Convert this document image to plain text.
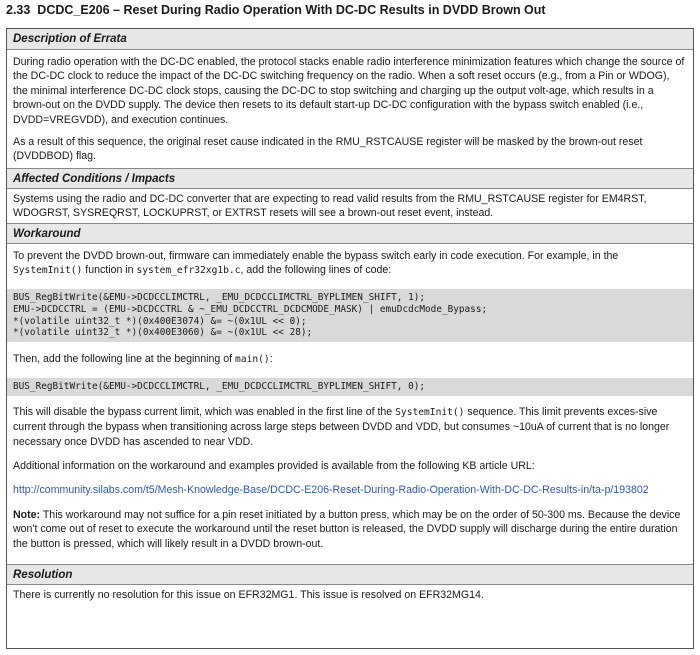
2.33 DCDC_E206 – Reset During Radio Operation With DC-DC Results in DVDD Brown Out
Description of Errata

During radio operation with the DC-DC enabled, the protocol stacks enable radio interference minimization features which change the source of the DC-DC clock to reduce the impact of the DC-DC switching frequency on the radio. When a soft reset occurs (e.g., from a Pin or WDOG), the minimal interference DC-DC clock stops, causing the DC-DC to stop switching and charging up the output volt-age, which results in a brown-out on the DVDD supply. The device then resets to its default start-up DC-DC configuration with the bypass switch enabled (i.e., DVDD=VREGVDD), and execution continues.

As a result of this sequence, the original reset cause indicated in the RMU_RSTCAUSE register will be masked by the brown-out reset (DVDDBOD) flag.

Affected Conditions / Impacts

Systems using the radio and DC-DC converter that are expecting to read valid results from the RMU_RSTCAUSE register for EM4RST, WDOGRST, SYSREQRST, LOCKUPRST, or EXTRST resets will see a brown-out reset event, instead.

Workaround

To prevent the DVDD brown-out, firmware can immediately enable the bypass switch early in code execution. For example, in the SystemInit() function in system_efr32xg1b.c, add the following lines of code:

BUS_RegBitWrite(&EMU->DCDCCLIMCTRL, _EMU_DCDCCLIMCTRL_BYPLIMEN_SHIFT, 1);
EMU->DCDCCTRL = (EMU->DCDCCTRL & ~_EMU_DCDCCTRL_DCDCMODE_MASK) | emuDcdcMode_Bypass;
*(volatile uint32_t *)(0x400E3074) &= ~(0x1UL << 0);
*(volatile uint32_t *)(0x400E3060) &= ~(0x1UL << 28);

Then, add the following line at the beginning of main():

BUS_RegBitWrite(&EMU->DCDCCLIMCTRL, _EMU_DCDCCLIMCTRL_BYPLIMEN_SHIFT, 0);

This will disable the bypass current limit, which was enabled in the first line of the SystemInit() sequence. This limit prevents exces-sive current through the bypass when transitioning across large steps between DVDD and VDD, but consumes ~10uA of current that is no longer necessary once DVDD has ascended to near VDD.

Additional information on the workaround and examples provided is available from the following KB article URL:

http://community.silabs.com/t5/Mesh-Knowledge-Base/DCDC-E206-Reset-During-Radio-Operation-With-DC-DC-Results-in/ta-p/193802

Note: This workaround may not suffice for a pin reset initiated by a button press, which may be on the order of 50-300 ms. Because the device won't come out of reset to execute the workaround until the reset button is released, the DVDD supply will discharge during the entire duration the button is pressed, which will likely result in a DVDD brown-out.

Resolution

There is currently no resolution for this issue on EFR32MG1. This issue is resolved on EFR32MG14.
